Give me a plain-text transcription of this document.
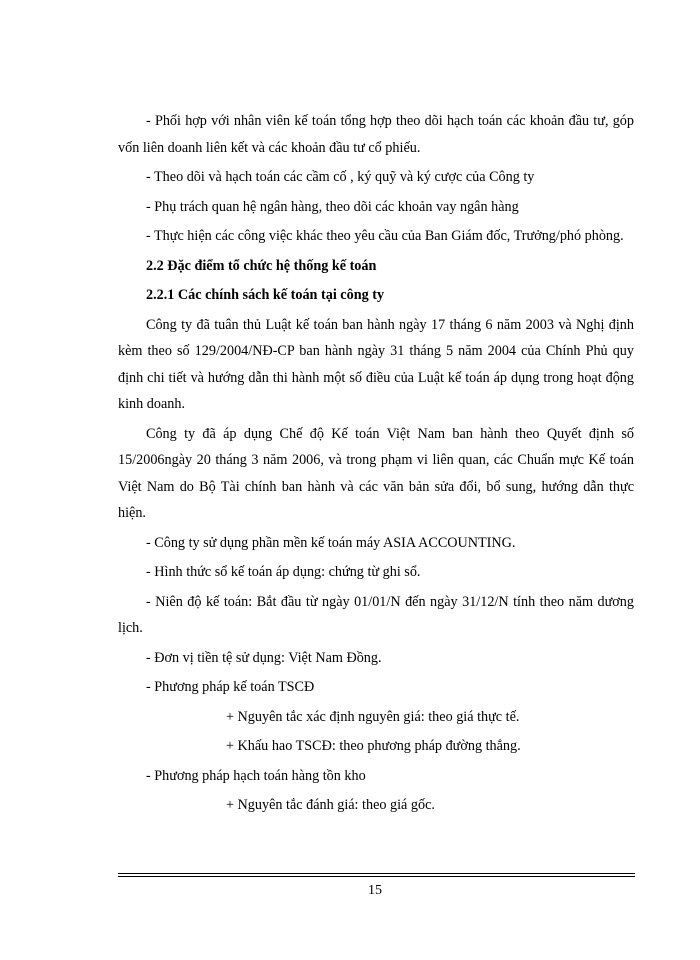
- Phối hợp với nhân viên kế toán tổng hợp theo dõi hạch toán các khoản đầu tư, góp vốn liên doanh liên kết và các khoản đầu tư cổ phiếu.

- Theo dõi và hạch toán các cầm cố , ký quỹ và ký cược của Công ty

- Phụ trách quan hệ ngân hàng, theo dõi các khoản vay ngân hàng

- Thực hiện các công việc khác theo yêu cầu của Ban Giám đốc, Trưởng/phó phòng.

2.2 Đặc điểm tổ chức hệ thống kế toán

2.2.1 Các chính sách kế toán tại công ty

Công ty đã tuân thủ Luật kế toán ban hành ngày 17 tháng 6 năm 2003 và Nghị định kèm theo số 129/2004/NĐ-CP ban hành ngày 31 tháng 5 năm 2004 của Chính Phủ quy định chi tiết và hướng dẫn thi hành một số điều của Luật kế toán áp dụng trong hoạt động kinh doanh.

Công ty đã áp dụng Chế độ Kế toán Việt Nam ban hành theo Quyết định số 15/2006ngày 20 tháng 3 năm 2006, và trong phạm vi liên quan, các Chuẩn mực Kế toán Việt Nam do Bộ Tài chính ban hành và các văn bản sửa đổi, bổ sung, hướng dẫn thực hiện.

- Công ty sử dụng phần mền kế toán máy ASIA ACCOUNTING.

- Hình thức sổ kế toán áp dụng: chứng từ ghi sổ.

- Niên độ kế toán: Bắt đầu từ ngày 01/01/N đến ngày 31/12/N tính theo năm dương lịch.

- Đơn vị tiền tệ sử dụng: Việt Nam Đồng.

- Phương pháp kế toán TSCĐ

+ Nguyên tắc xác định nguyên giá: theo giá thực tế.

+ Khấu hao TSCĐ: theo phương pháp đường thẳng.

- Phương pháp hạch toán hàng tồn kho

+ Nguyên tắc đánh giá: theo giá gốc.

15
